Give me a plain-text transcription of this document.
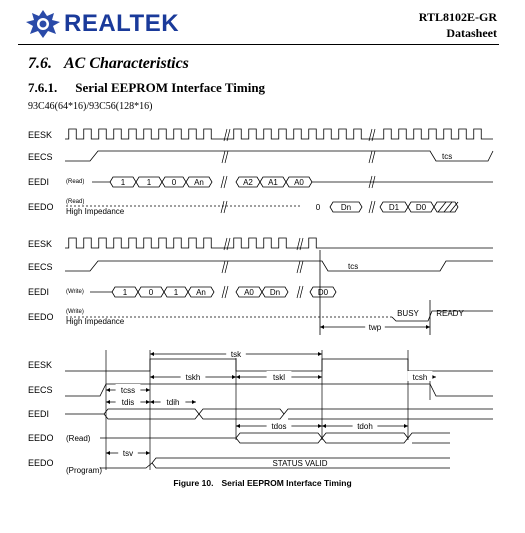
REALTEK	RTL8102E-GR
Datasheet
7.6. AC Characteristics
7.6.1. Serial EEPROM Interface Timing
93C46(64*16)/93C56(128*16)
EESK
EECS
EEDI
EEDO
tcs
(Read)	1	1	0 An	A2 A1 A0
(Read)
High Impedance	0	Dn	D1 D0
EESK
EECS
EEDI
EEDO
tcs
(Write)	1	0	1 An	A0 Dn	D0
(Write)
High Impedance
BUSY READY
twp
EESK
EECS
EEDI
EEDO
EEDO
(Read)
(Program)
STATUS VALID
tsk
tskh	tskl
tcss
tcsh
tdis	tdih
tdos	tdoh
tsv
Figure 10. Serial EEPROM Interface Timing
